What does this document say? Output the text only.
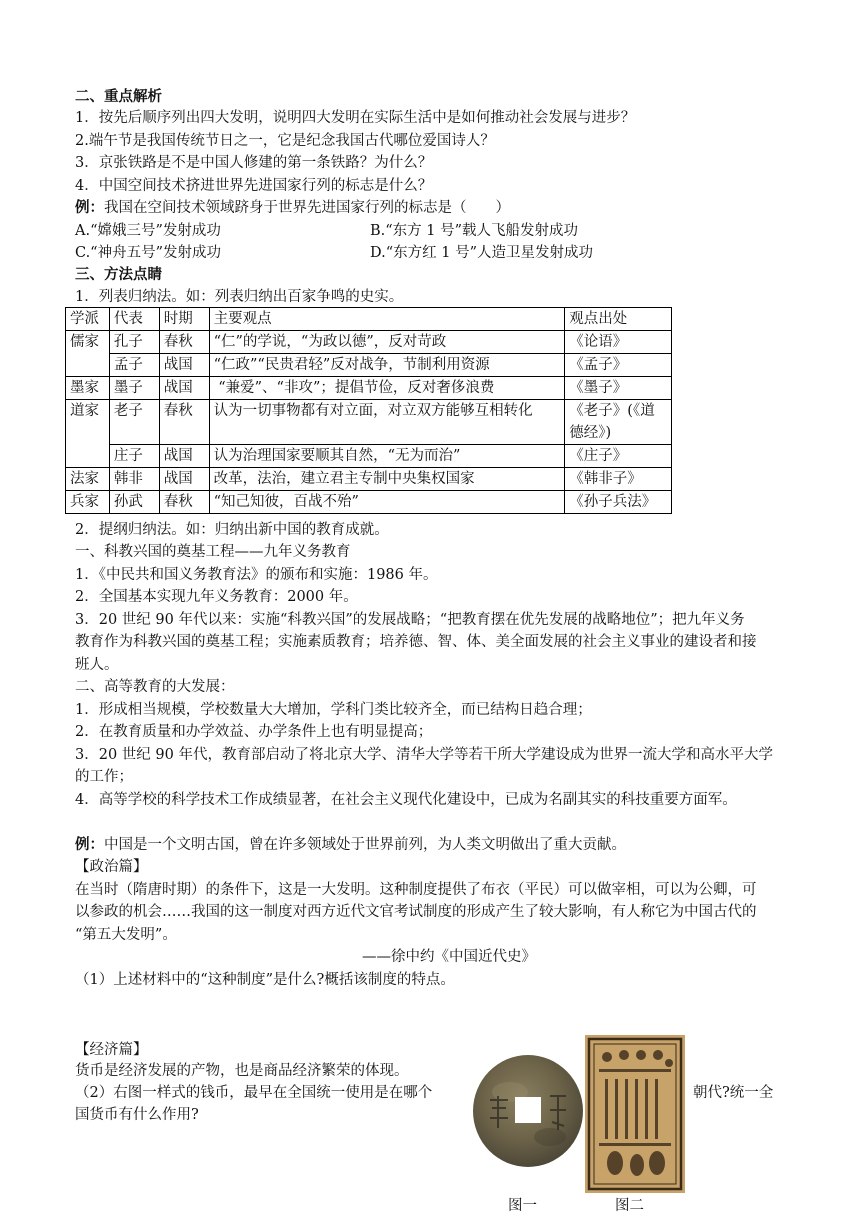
二、重点解析
1．按先后顺序列出四大发明，说明四大发明在实际生活中是如何推动社会发展与进步？
2.端午节是我国传统节日之一，它是纪念我国古代哪位爱国诗人？
3．京张铁路是不是中国人修建的第一条铁路？为什么？
4．中国空间技术挤进世界先进国家行列的标志是什么？
例：我国在空间技术领域跻身于世界先进国家行列的标志是（　　）
A.“嫦娥三号”发射成功	B.“东方 1 号”载人飞船发射成功
C.“神舟五号”发射成功	D.“东方红 1 号”人造卫星发射成功
三、方法点睛
1．列表归纳法。如：列表归纳出百家争鸣的史实。
学派	代表	时期	主要观点	观点出处
儒家	孔子	春秋	“仁”的学说，“为政以德”，反对苛政	《论语》
	孟子	战国	“仁政”“民贵君轻”反对战争，节制利用资源	《孟子》
墨家	墨子	战国	“兼爱”、“非攻”；提倡节俭，反对奢侈浪费	《墨子》
道家	老子	春秋	认为一切事物都有对立面，对立双方能够互相转化	《老子》(《道德经》)
	庄子	战国	认为治理国家要顺其自然，“无为而治”	《庄子》
法家	韩非	战国	改革，法治，建立君主专制中央集权国家	《韩非子》
兵家	孙武	春秋	“知己知彼，百战不殆”	《孙子兵法》
2．提纲归纳法。如：归纳出新中国的教育成就。
一、科教兴国的奠基工程——九年义务教育
1．《中民共和国义务教育法》的颁布和实施：1986 年。
2．全国基本实现九年义务教育：2000 年。
3．20 世纪 90 年代以来：实施“科教兴国”的发展战略；“把教育摆在优先发展的战略地位”；把九年义务
教育作为科教兴国的奠基工程；实施素质教育；培养德、智、体、美全面发展的社会主义事业的建设者和接
班人。
二、高等教育的大发展：
1．形成相当规模，学校数量大大增加，学科门类比较齐全，而已结构日趋合理；
2．在教育质量和办学效益、办学条件上也有明显提高；
3．20 世纪 90 年代，教育部启动了将北京大学、清华大学等若干所大学建设成为世界一流大学和高水平大学
的工作；
4．高等学校的科学技术工作成绩显著，在社会主义现代化建设中，已成为名副其实的科技重要方面军。
例：中国是一个文明古国，曾在许多领域处于世界前列，为人类文明做出了重大贡献。
【政治篇】
在当时（隋唐时期）的条件下，这是一大发明。这种制度提供了布衣（平民）可以做宰相，可以为公卿，可
以参政的机会……我国的这一制度对西方近代文官考试制度的形成产生了较大影响，有人称它为中国古代的
“第五大发明”。
——徐中约《中国近代史》
（1）上述材料中的“这种制度”是什么?概括该制度的特点。
【经济篇】
货币是经济发展的产物，也是商品经济繁荣的体现。
（2）右图一样式的钱币，最早在全国统一使用是在哪个	朝代?统一全
国货币有什么作用?
图一	图二
